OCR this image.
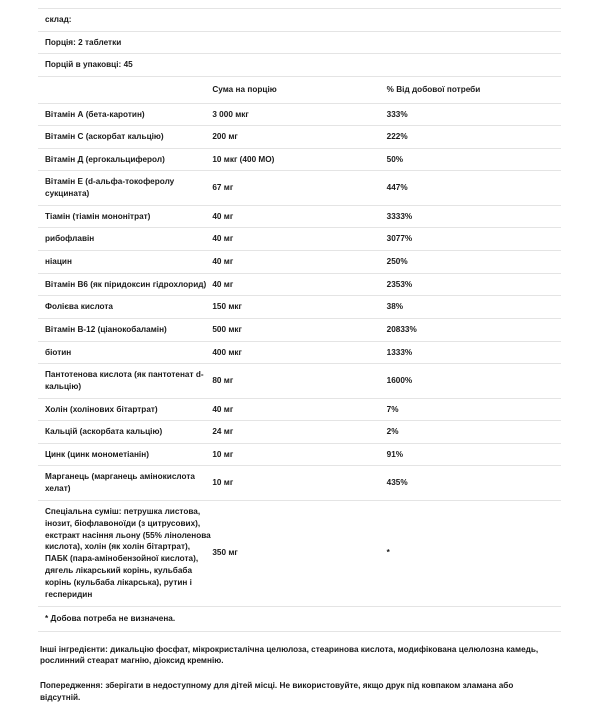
склад:		
Порція: 2 таблетки		
Порцій в упаковці: 45		
	Сума на порцію	% Від добової потреби
Вітамін А (бета-каротин)	3 000 мкг	333%
Вітамін С (аскорбат кальцію)	200 мг	222%
Вітамін Д (ергокальциферол)	10 мкг (400 МО)	50%
Вітамін Е (d-альфа-токоферолу сукцината)	67 мг	447%
Тіамін (тіамін мононітрат)	40 мг	3333%
рибофлавін	40 мг	3077%
ніацин	40 мг	250%
Вітамін B6 (як піридоксин гідрохлорид)	40 мг	2353%
Фолієва кислота	150 мкг	38%
Вітамін B-12 (ціанокобаламін)	500 мкг	20833%
біотин	400 мкг	1333%
Пантотенова кислота (як пантотенат d-кальцію)	80 мг	1600%
Холін (холінових бітартрат)	40 мг	7%
Кальцій (аскорбата кальцію)	24 мг	2%
Цинк (цинк монометіанін)	10 мг	91%
Марганець (марганець амінокислота хелат)	10 мг	435%
Спеціальна суміш: петрушка листова, інозит, біофлавоноїди (з цитрусових), екстракт насіння льону (55% ліноленова кислота), холін (як холін бітартрат), ПАБК (пара-амінобензойної кислота), дягель лікарський корінь, кульбаба корінь (кульбаба лікарська), рутин і гесперидин	350 мг	*
* Добова потреба не визначена.		

Інші інгредієнти: дикальцію фосфат, мікрокристалічна целюлоза, стеаринова кислота, модифікована целюлозна камедь, рослинний стеарат магнію, діоксид кремнію.

Попередження: зберігати в недоступному для дітей місці. Не використовуйте, якщо друк під ковпаком зламана або відсутній.
